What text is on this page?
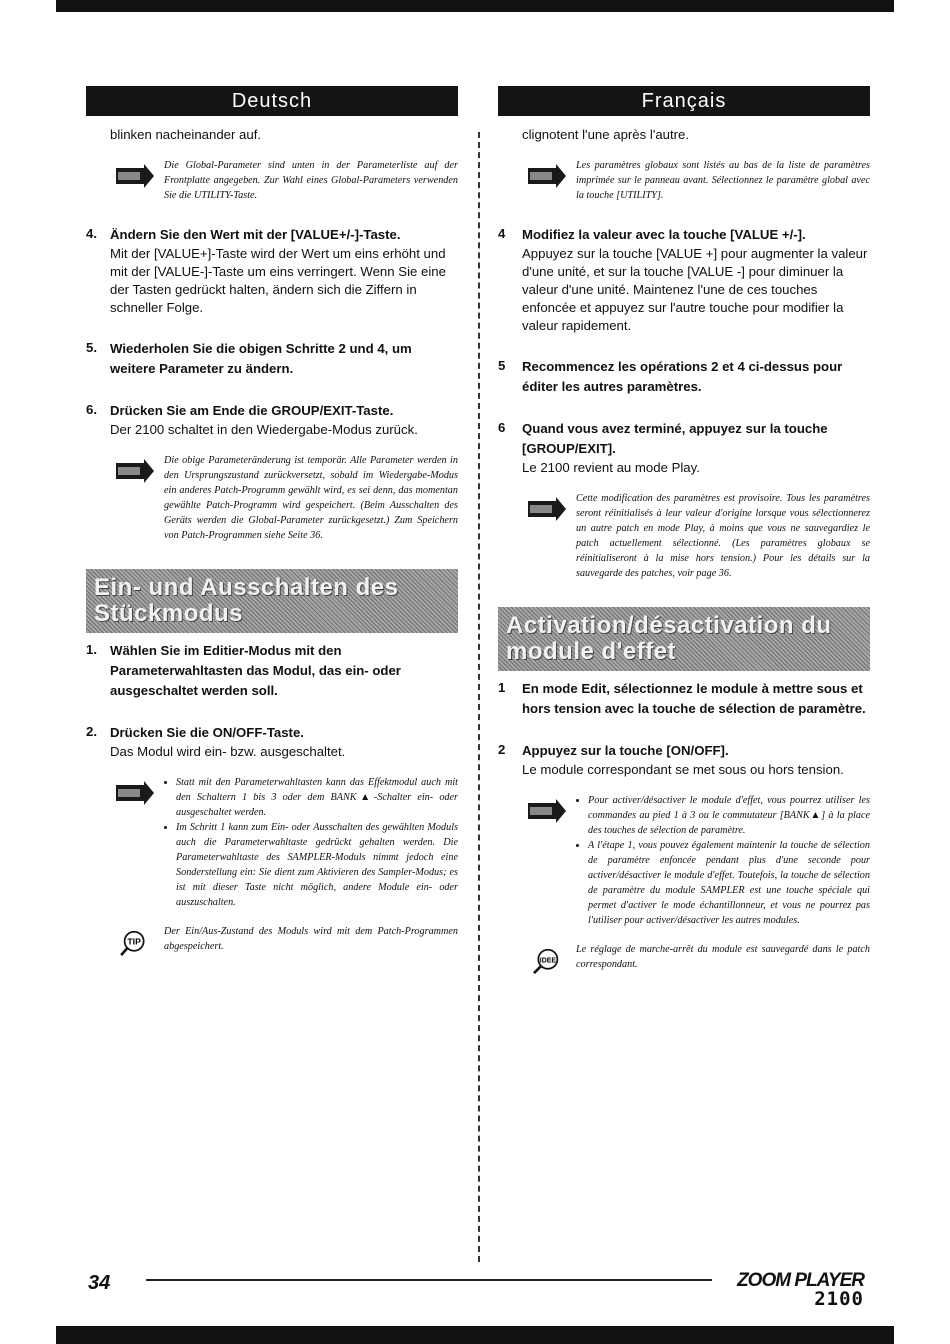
Deutsch

blinken nacheinander auf.

Die Global-Parameter sind unten in der Parameterliste auf der Frontplatte angegeben. Zur Wahl eines Global-Parameters verwenden Sie die UTILITY-Taste.
4. Ändern Sie den Wert mit der [VALUE+/-]-Taste.
Mit der [VALUE+]-Taste wird der Wert um eins erhöht und mit der [VALUE-]-Taste um eins verringert. Wenn Sie eine der Tasten gedrückt halten, ändern sich die Ziffern in schneller Folge.
5. Wiederholen Sie die obigen Schritte 2 und 4, um weitere Parameter zu ändern.
6. Drücken Sie am Ende die GROUP/EXIT-Taste.
Der 2100 schaltet in den Wiedergabe-Modus zurück.
Die obige Parameteränderung ist temporär. Alle Parameter werden in den Ursprungszustand zurückversetzt, sobald im Wiedergabe-Modus ein anderes Patch-Programm gewählt wird, es sei denn, das momentan gewählte Patch-Programm wird gespeichert. (Beim Ausschalten des Geräts werden die Global-Parameter zurückgesetzt.) Zum Speichern von Patch-Programmen siehe Seite 36.
Ein- und Ausschalten des Stückmodus
1. Wählen Sie im Editier-Modus mit den Parameterwahltasten das Modul, das ein- oder ausgeschaltet werden soll.
2. Drücken Sie die ON/OFF-Taste.
Das Modul wird ein- bzw. ausgeschaltet.
• Statt mit den Parameterwahltasten kann das Effektmodul auch mit den Schaltern 1 bis 3 oder dem BANK▲-Schalter ein- oder ausgeschaltet werden.
• Im Schritt 1 kann zum Ein- oder Ausschalten des gewählten Moduls auch die Parameterwahltaste gedrückt gehalten werden. Die Parameterwahltaste des SAMPLER-Moduls nimmt jedoch eine Sonderstellung ein: Sie dient zum Aktivieren des Sampler-Modus; es ist mit dieser Taste nicht möglich, andere Module ein- oder auszuschalten.
TIP
Der Ein/Aus-Zustand des Moduls wird mit dem Patch-Programmen abgespeichert.
Français

clignotent l'une après l'autre.

Les paramètres globaux sont listés au bas de la liste de paramètres imprimée sur le panneau avant. Sélectionnez le paramètre global avec la touche [UTILITY].
4 Modifiez la valeur avec la touche [VALUE +/-].
Appuyez sur la touche [VALUE +] pour augmenter la valeur d'une unité, et sur la touche [VALUE -] pour diminuer la valeur d'une unité. Maintenez l'une de ces touches enfoncée et appuyez sur l'autre touche pour modifier la valeur rapidement.
5 Recommencez les opérations 2 et 4 ci-dessus pour éditer les autres paramètres.
6 Quand vous avez terminé, appuyez sur la touche [GROUP/EXIT].
Le 2100 revient au mode Play.
Cette modification des paramètres est provisoire. Tous les paramètres seront réinitialisés à leur valeur d'origine lorsque vous sélectionnerez un autre patch en mode Play, à moins que vous ne sauvegardiez le patch actuellement sélectionné. (Les paramètres globaux se réinitialiseront à la mise hors tension.) Pour les détails sur la sauvegarde des patches, voir page 36.
Activation/désactivation du module d'effet
1 En mode Edit, sélectionnez le module à mettre sous et hors tension avec la touche de sélection de paramètre.
2 Appuyez sur la touche [ON/OFF].
Le module correspondant se met sous ou hors tension.
• Pour activer/désactiver le module d'effet, vous pourrez utiliser les commandes au pied 1 à 3 ou le commutateur [BANK▲] à la place des touches de sélection de paramètre.
• A l'étape 1, vous pouvez également maintenir la touche de sélection de paramètre enfoncée pendant plus d'une seconde pour activer/désactiver le module d'effet. Toutefois, la touche de sélection de paramètre du module SAMPLER est une touche spéciale qui permet d'activer le mode échantillonneur, et vous ne pourrez pas l'utiliser pour activer/désactiver les autres modules.
IDEE
Le réglage de marche-arrêt du module est sauvegardé dans le patch correspondant.
34	ZOOM PLAYER
2100
